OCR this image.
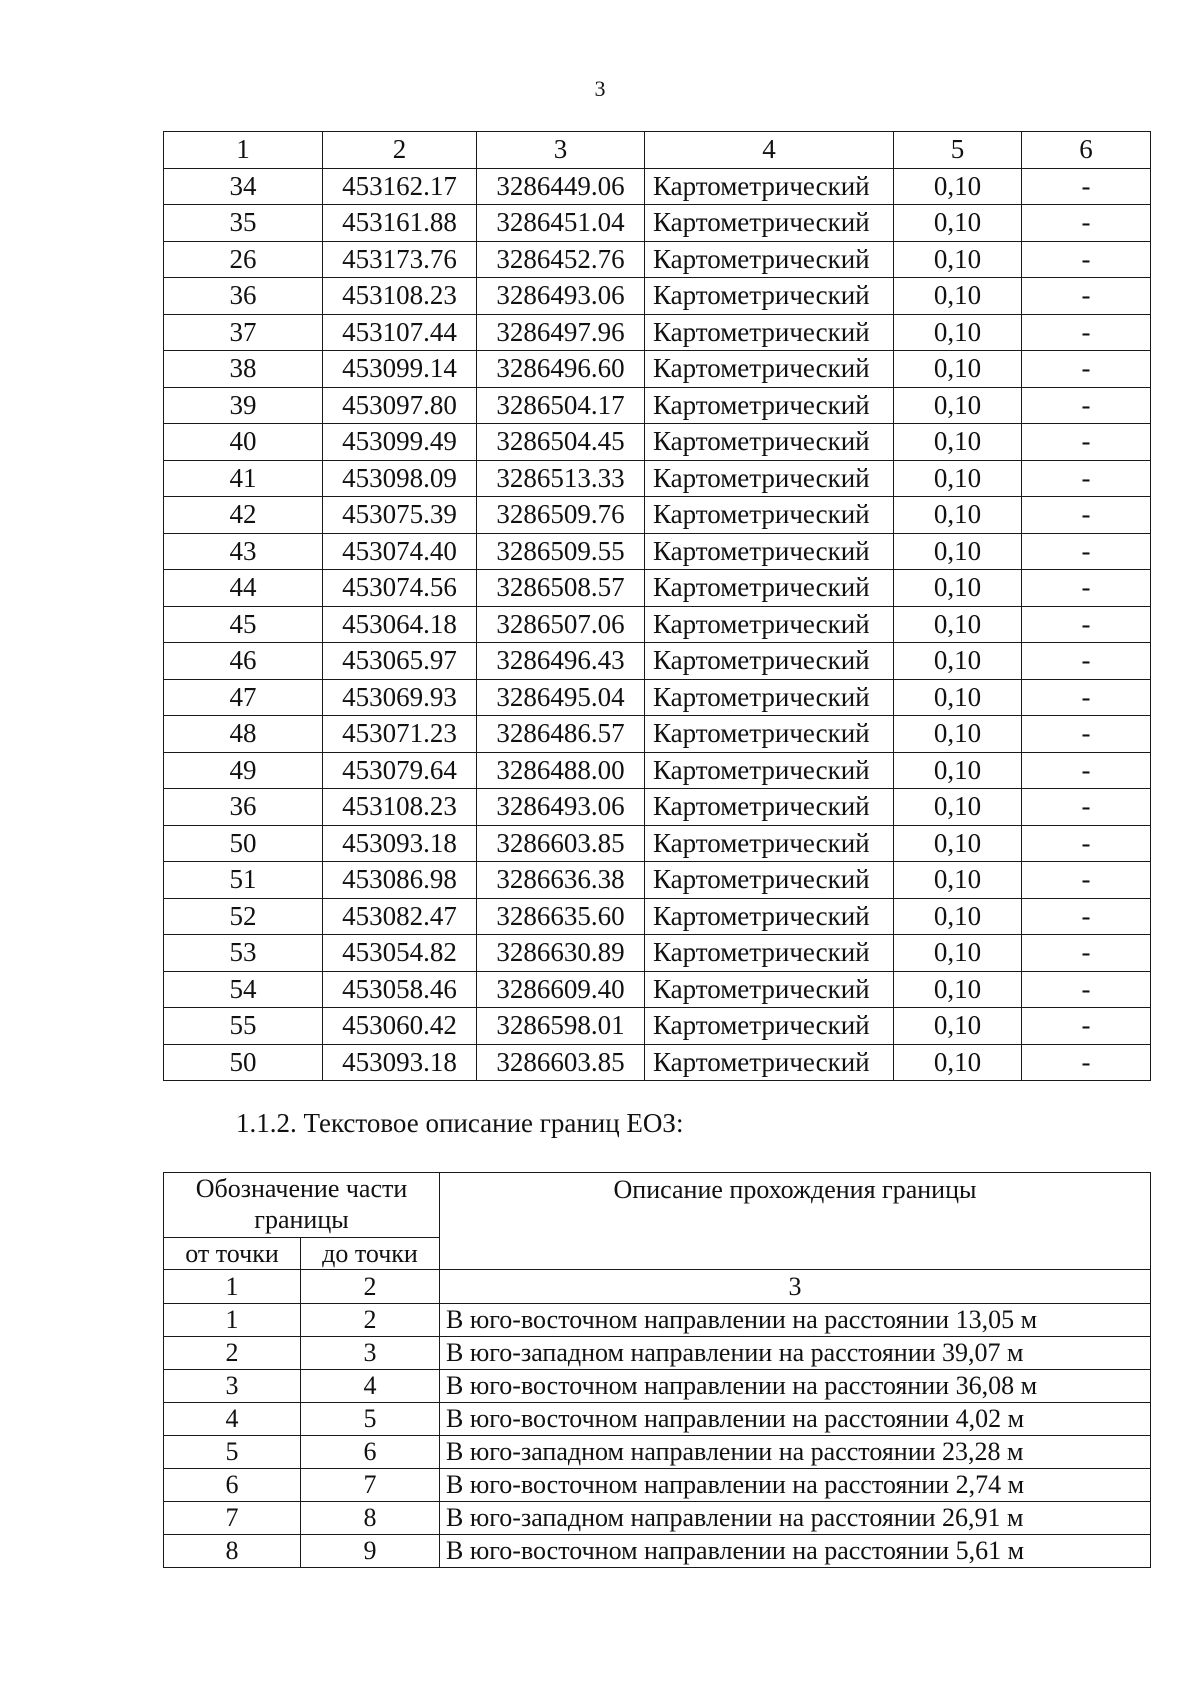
3
1	2	3	4	5	6
34	453162.17	3286449.06	Картометрический	0,10	-
35	453161.88	3286451.04	Картометрический	0,10	-
26	453173.76	3286452.76	Картометрический	0,10	-
36	453108.23	3286493.06	Картометрический	0,10	-
37	453107.44	3286497.96	Картометрический	0,10	-
38	453099.14	3286496.60	Картометрический	0,10	-
39	453097.80	3286504.17	Картометрический	0,10	-
40	453099.49	3286504.45	Картометрический	0,10	-
41	453098.09	3286513.33	Картометрический	0,10	-
42	453075.39	3286509.76	Картометрический	0,10	-
43	453074.40	3286509.55	Картометрический	0,10	-
44	453074.56	3286508.57	Картометрический	0,10	-
45	453064.18	3286507.06	Картометрический	0,10	-
46	453065.97	3286496.43	Картометрический	0,10	-
47	453069.93	3286495.04	Картометрический	0,10	-
48	453071.23	3286486.57	Картометрический	0,10	-
49	453079.64	3286488.00	Картометрический	0,10	-
36	453108.23	3286493.06	Картометрический	0,10	-
50	453093.18	3286603.85	Картометрический	0,10	-
51	453086.98	3286636.38	Картометрический	0,10	-
52	453082.47	3286635.60	Картометрический	0,10	-
53	453054.82	3286630.89	Картометрический	0,10	-
54	453058.46	3286609.40	Картометрический	0,10	-
55	453060.42	3286598.01	Картометрический	0,10	-
50	453093.18	3286603.85	Картометрический	0,10	-
1.1.2. Текстовое описание границ ЕОЗ:
Обозначение части границы		Описание прохождения границы
от точки	до точки	
1	2	3
1	2	В юго-восточном направлении на расстоянии 13,05 м
2	3	В юго-западном направлении на расстоянии 39,07 м
3	4	В юго-восточном направлении на расстоянии 36,08 м
4	5	В юго-восточном направлении на расстоянии 4,02 м
5	6	В юго-западном направлении на расстоянии 23,28 м
6	7	В юго-восточном направлении на расстоянии 2,74 м
7	8	В юго-западном направлении на расстоянии 26,91 м
8	9	В юго-восточном направлении на расстоянии 5,61 м
